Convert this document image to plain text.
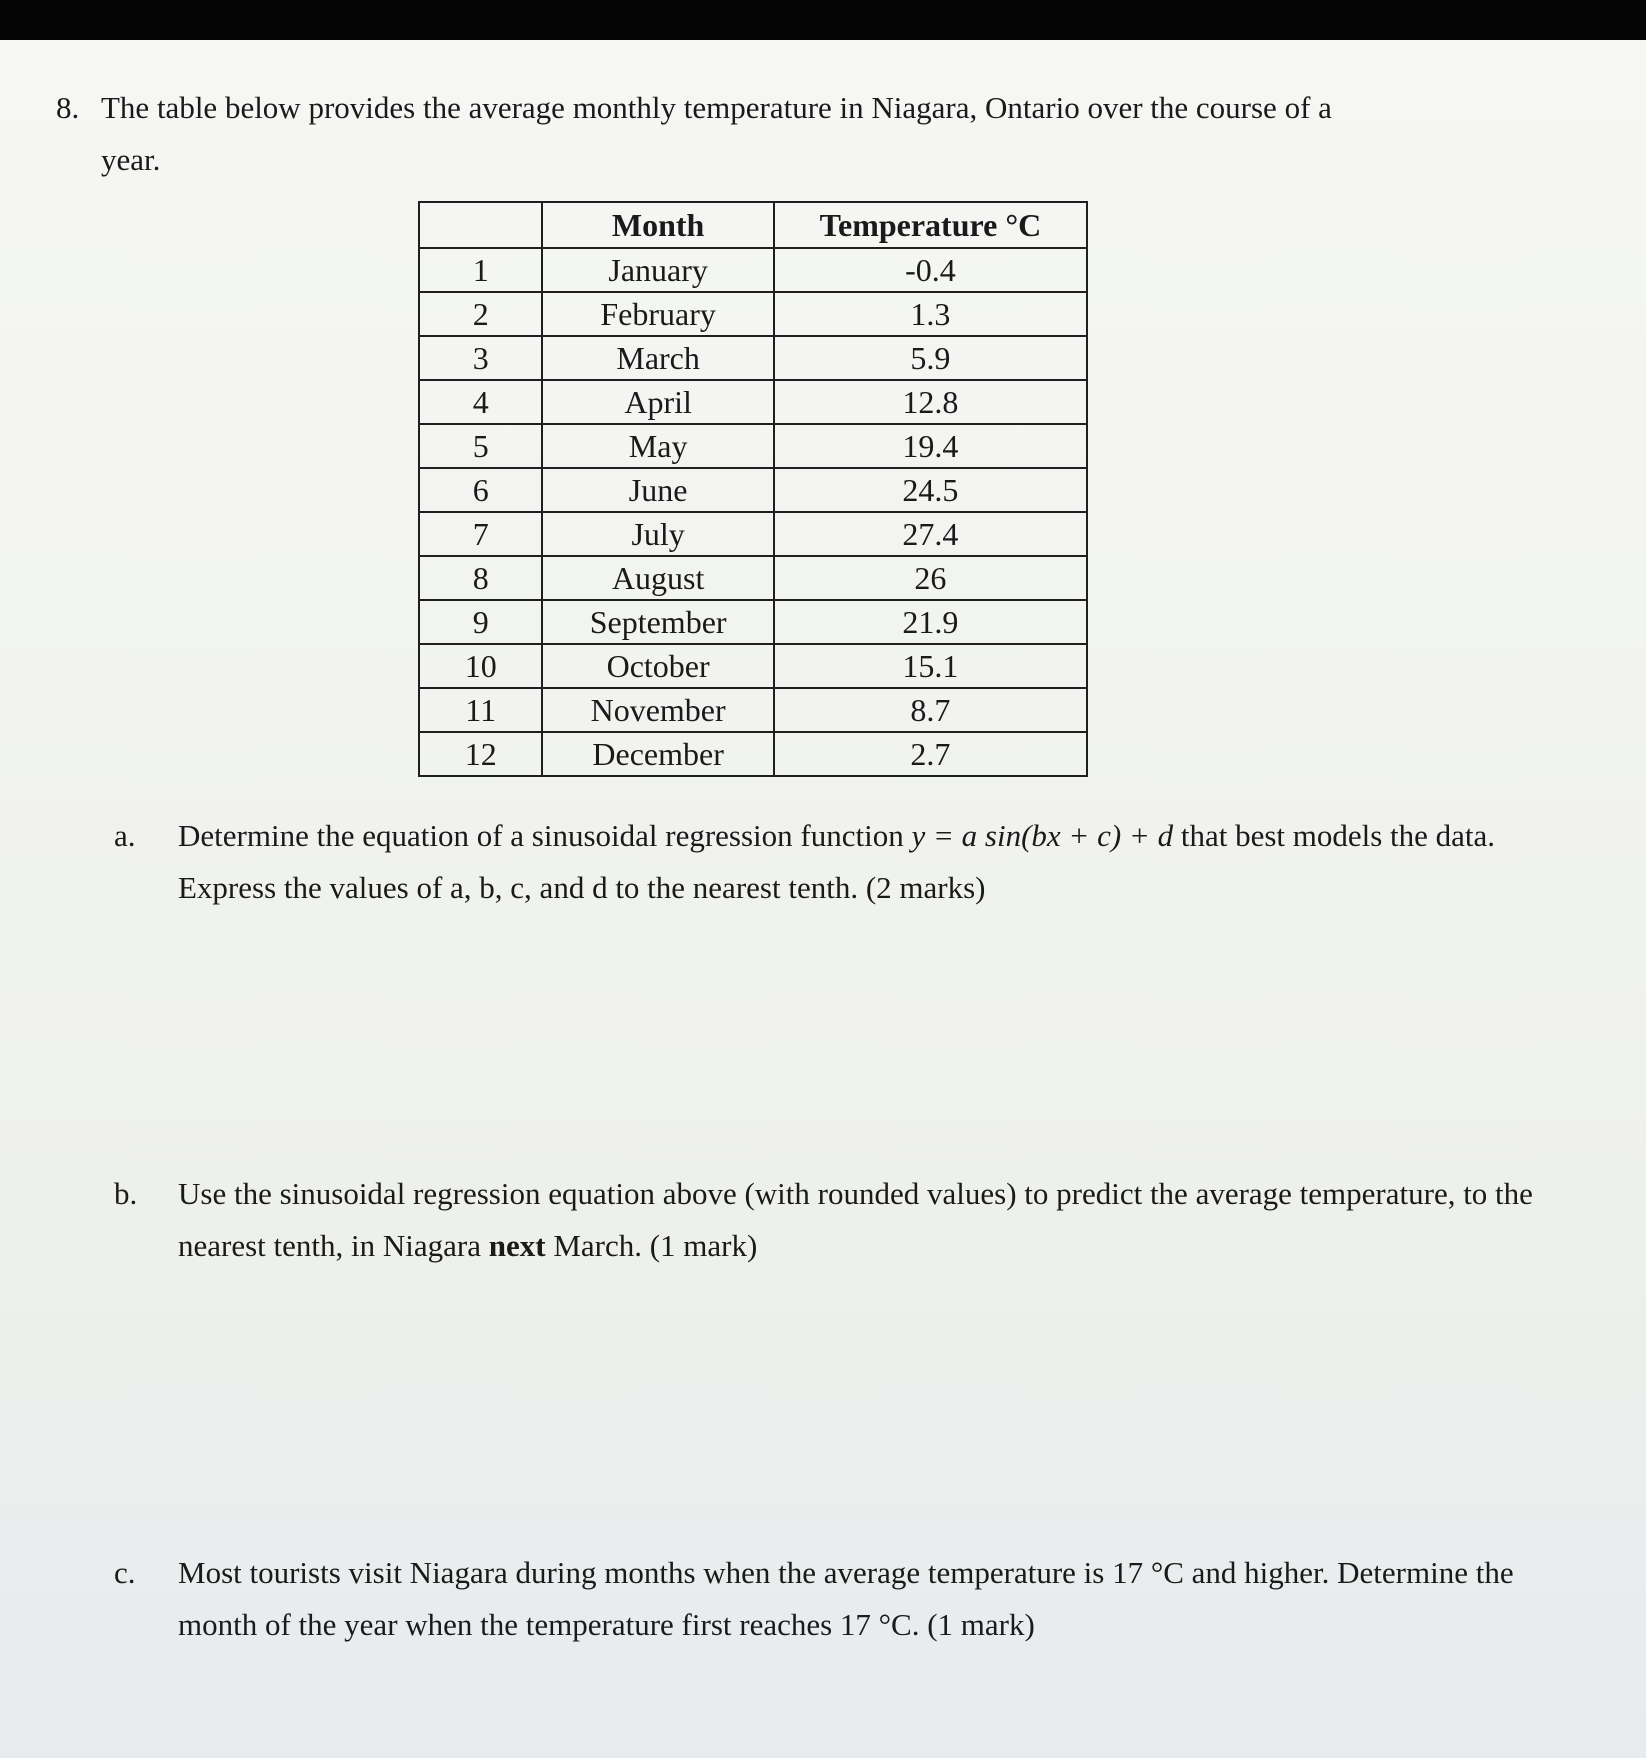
8. The table below provides the average monthly temperature in Niagara, Ontario over the course of a
year.
	Month	Temperature °C
1	January	-0.4
2	February	1.3
3	March	5.9
4	April	12.8
5	May	19.4
6	June	24.5
7	July	27.4
8	August	26
9	September	21.9
10	October	15.1
11	November	8.7
12	December	2.7
a.	Determine the equation of a sinusoidal regression function y = a sin(bx + c) + d that best models the data. Express the values of a, b, c, and d to the nearest tenth. (2 marks)
b.	Use the sinusoidal regression equation above (with rounded values) to predict the average temperature, to the nearest tenth, in Niagara next March. (1 mark)
c.	Most tourists visit Niagara during months when the average temperature is 17 °C and higher. Determine the month of the year when the temperature first reaches 17 °C. (1 mark)
